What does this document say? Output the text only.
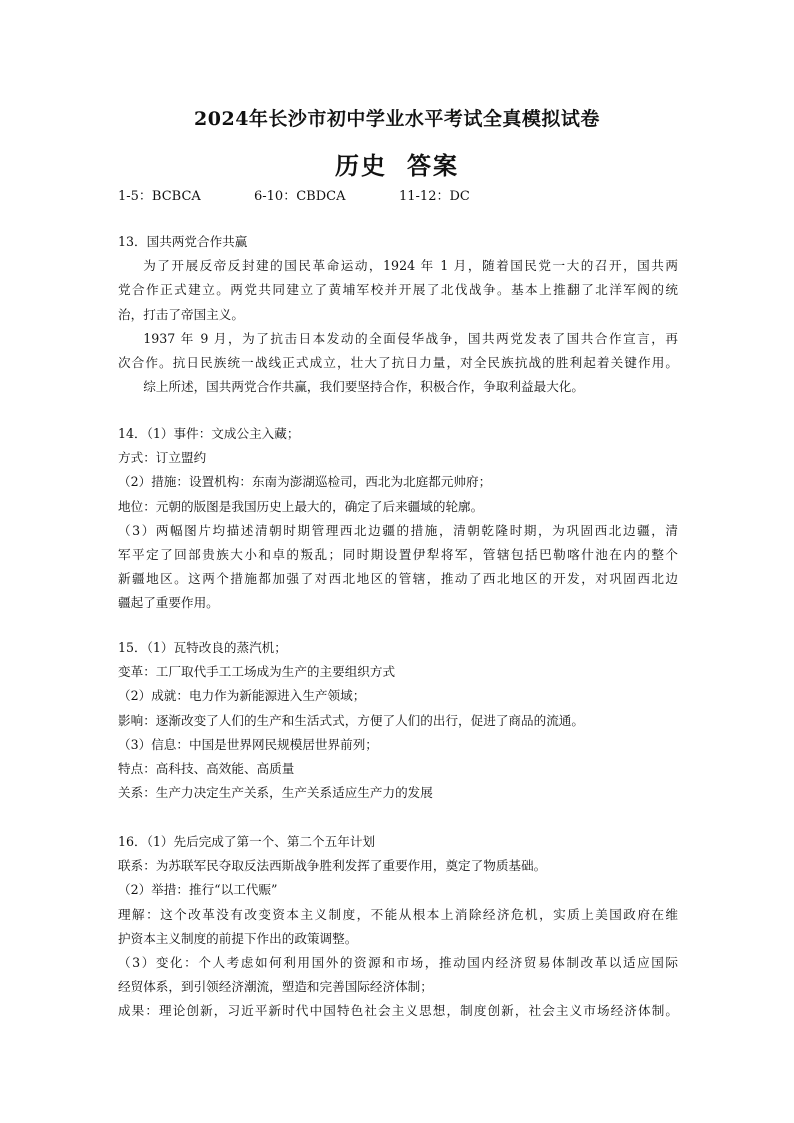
2024年长沙市初中学业水平考试全真模拟试卷
历史 答案
1-5：BCBCA	6-10：CBDCA	11-12：DC

13．国共两党合作共赢

为了开展反帝反封建的国民革命运动，1924 年 1 月，随着国民党一大的召开，国共两

党合作正式建立。两党共同建立了黄埔军校并开展了北伐战争。基本上推翻了北洋军阀的统

治，打击了帝国主义。

1937 年 9 月，为了抗击日本发动的全面侵华战争，国共两党发表了国共合作宣言，再

次合作。抗日民族统一战线正式成立，壮大了抗日力量，对全民族抗战的胜利起着关键作用。

综上所述，国共两党合作共赢，我们要坚持合作，积极合作，争取利益最大化。

14．（1）事件：文成公主入藏；

方式：订立盟约

（2）措施：设置机构：东南为澎湖巡检司，西北为北庭都元帅府；

地位：元朝的版图是我国历史上最大的，确定了后来疆域的轮廓。

（3）两幅图片均描述清朝时期管理西北边疆的措施，清朝乾隆时期，为巩固西北边疆，清

军平定了回部贵族大小和卓的叛乱；同时期设置伊犁将军，管辖包括巴勒喀什池在内的整个

新疆地区。这两个措施都加强了对西北地区的管辖，推动了西北地区的开发，对巩固西北边

疆起了重要作用。

15．（1）瓦特改良的蒸汽机；

变革：工厂取代手工工场成为生产的主要组织方式

（2）成就：电力作为新能源进入生产领域；

影响：逐渐改变了人们的生产和生活式式，方便了人们的出行，促进了商品的流通。

（3）信息：中国是世界网民规模居世界前列；

特点：高科技、高效能、高质量

关系：生产力决定生产关系，生产关系适应生产力的发展

16．（1）先后完成了第一个、第二个五年计划

联系：为苏联军民夺取反法西斯战争胜利发挥了重要作用，奠定了物质基础。

（2）举措：推行“以工代赈”

理解：这个改革没有改变资本主义制度，不能从根本上消除经济危机，实质上美国政府在维

护资本主义制度的前提下作出的政策调整。

（3）变化：个人考虑如何利用国外的资源和市场，推动国内经济贸易体制改革以适应国际

经贸体系，到引领经济潮流，塑造和完善国际经济体制；

成果：理论创新，习近平新时代中国特色社会主义思想，制度创新，社会主义市场经济体制。
